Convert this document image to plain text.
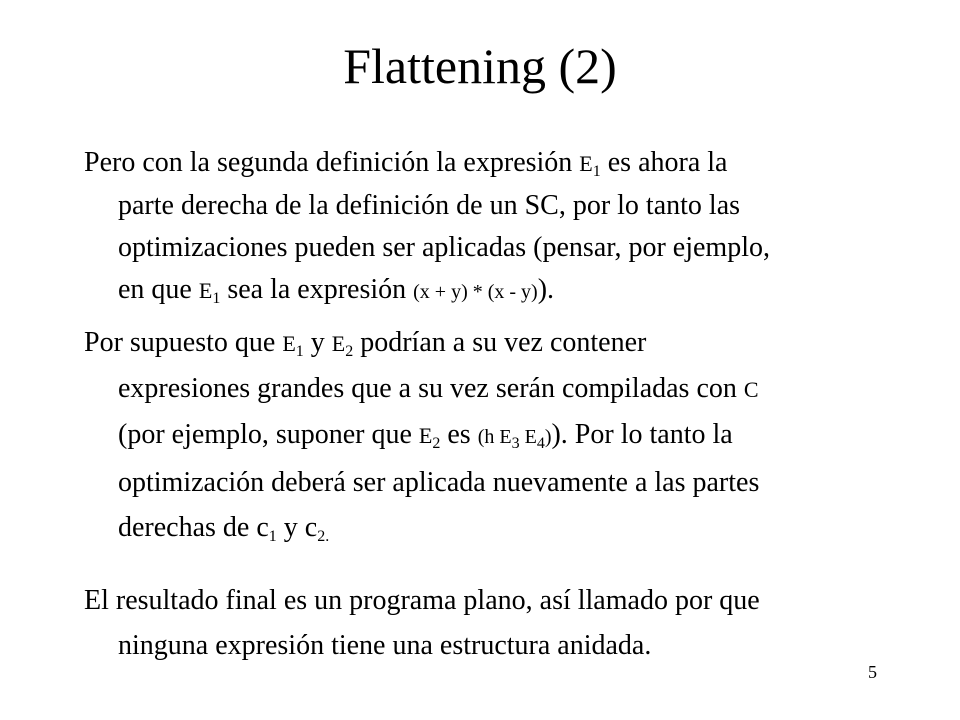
Flattening (2)

Pero con la segunda definición la expresión $E_1$ es ahora la
parte derecha de la definición de un SC, por lo tanto las
optimizaciones pueden ser aplicadas (pensar, por ejemplo,
en que $E_1$ sea la expresión (x + y) * (x - y)).

Por supuesto que $E_1$ y $E_2$ podrían a su vez contener
expresiones grandes que a su vez serán compiladas con C
(por ejemplo, suponer que $E_2$ es (h $E_3$ $E_4$)). Por lo tanto la
optimización deberá ser aplicada nuevamente a las partes
derechas de $c_1$ y $c_{2.}$

El resultado final es un programa plano, así llamado por que
ninguna expresión tiene una estructura anidada.

5
